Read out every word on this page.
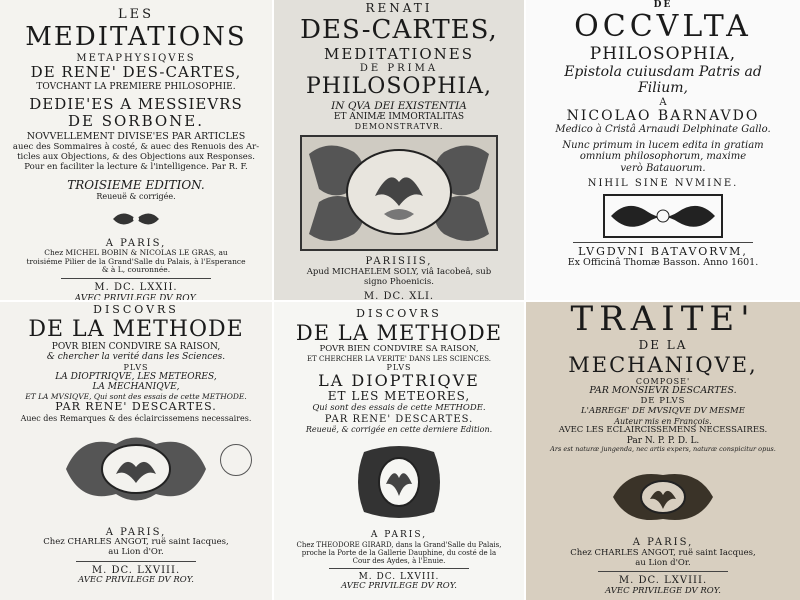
LES
MEDITATIONS
METAPHYSIQVES
DE RENE' DES-CARTES,
TOVCHANT LA PREMIERE PHILOSOPHIE.
DEDIE'ES A MESSIEVRS
DE SORBONE.
NOVVELLEMENT DIVISE'ES PAR ARTICLES
auec des Sommaires à costé, & auec des Renuois des Ar-
ticles aux Objections, & des Objections aux Responses.
Pour en faciliter la lecture & l'intelligence. Par R. F.
TROISIEME EDITION.
Reueuë & corrigée.
A PARIS,
Chez MICHEL BOBIN & NICOLAS LE GRAS, au
troisiéme Pilier de la Grand'Salle du Palais, à l'Esperance
& à L, couronnée.
M. DC. LXXII.
AVEC PRIVILEGE DV ROY.
RENATI
DES-CARTES,
MEDITATIONES
DE PRIMA
PHILOSOPHIA,
IN QVA DEI EXISTENTIA
ET ANIMÆ IMMORTALITAS
DEMONSTRATVR.
PARISIIS,
Apud MICHAELEM SOLY, viâ Iacobeâ, sub
signo Phoenicis.
M. DC. XLI.
DE
OCCVLTA
PHILOSOPHIA,
Epistola cuiusdam Patris ad
Filium,
A
NICOLAO BARNAVDO
Medico à Cristâ Arnaudi Delphinate Gallo.
Nunc primum in lucem edita in gratiam
omnium philosophorum, maxime
verò Batauorum.
NIHIL SINE NVMINE.
LVGDVNI BATAVORVM,
Ex Officinâ Thomæ Basson. Anno 1601.
DISCOVRS
DE LA METHODE
POVR BIEN CONDVIRE SA RAISON,
& chercher la verité dans les Sciences.
PLVS
LA DIOPTRIQVE, LES METEORES,
LA MECHANIQVE,
ET LA MVSIQVE, Qui sont des essais de cette METHODE.
PAR RENE' DESCARTES.
Auec des Remarques & des éclaircissemens necessaires.
A PARIS,
Chez CHARLES ANGOT, ruë saint Iacques,
au Lion d'Or.
M. DC. LXVIII.
AVEC PRIVILEGE DV ROY.
DISCOVRS
DE LA METHODE
POVR BIEN CONDVIRE SA RAISON,
ET CHERCHER LA VERITE' DANS LES SCIENCES.
PLVS
LA DIOPTRIQVE
ET LES METEORES,
Qui sont des essais de cette METHODE.
PAR RENE' DESCARTES.
Reueuë, & corrigée en cette derniere Edition.
A PARIS,
Chez THEODORE GIRARD, dans la Grand'Salle du Palais,
proche la Porte de la Gallerie Dauphine, du costé de la
Cour des Aydes, à l'Enuie.
M. DC. LXVIII.
AVEC PRIVILEGE DV ROY.
TRAITE'
DE LA
MECHANIQVE,
COMPOSE'
PAR MONSIEVR DESCARTES.
DE PLVS
L'ABREGE' DE MVSIQVE DV MESME
Auteur mis en François.
AVEC LES ECLAIRCISSEMENS NECESSAIRES.
Par N. P. P. D. L.
Ars est naturæ jungenda, nec artis expers, naturæ conspicitur opus.
A PARIS,
Chez CHARLES ANGOT, ruë saint Iacques,
au Lion d'Or.
M. DC. LXVIII.
AVEC PRIVILEGE DV ROY.
